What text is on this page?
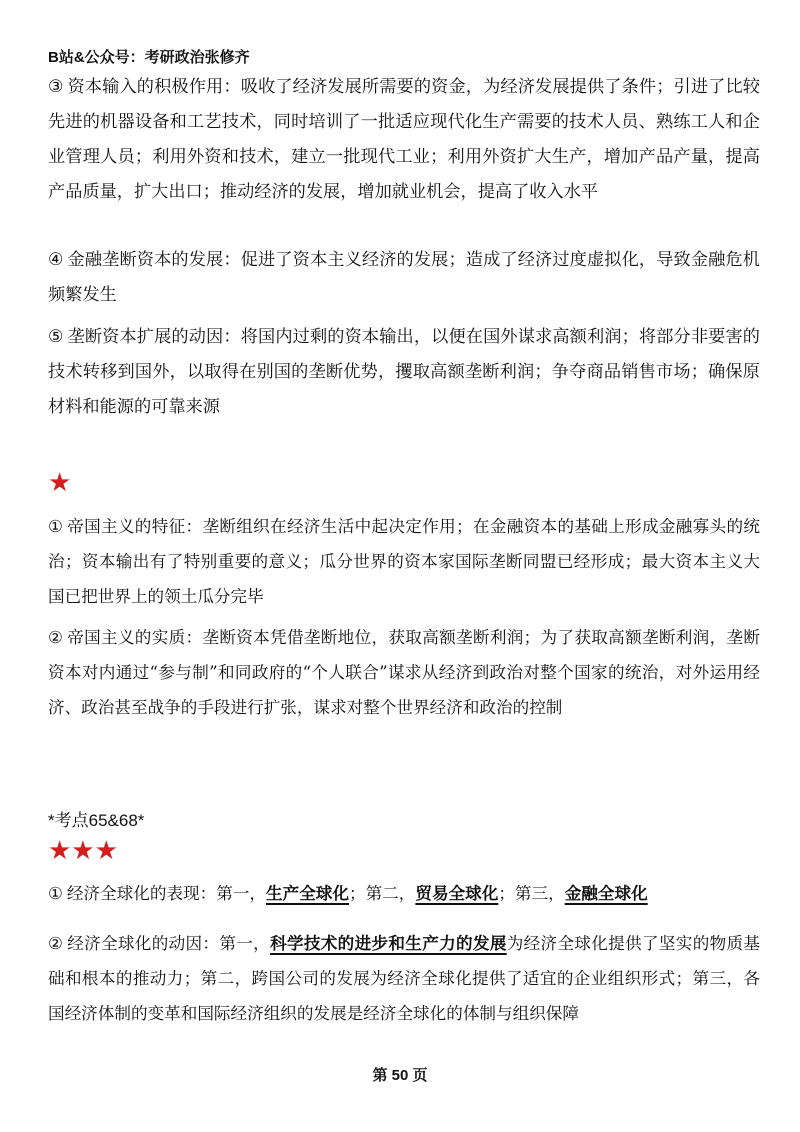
B站&公众号：考研政治张修齐

③ 资本输入的积极作用：吸收了经济发展所需要的资金，为经济发展提供了条件；引进了比较先进的机器设备和工艺技术，同时培训了一批适应现代化生产需要的技术人员、熟练工人和企业管理人员；利用外资和技术，建立一批现代工业；利用外资扩大生产，增加产品产量，提高产品质量，扩大出口；推动经济的发展，增加就业机会，提高了收入水平

④ 金融垄断资本的发展：促进了资本主义经济的发展；造成了经济过度虚拟化，导致金融危机频繁发生

⑤ 垄断资本扩展的动因：将国内过剩的资本输出，以便在国外谋求高额利润；将部分非要害的技术转移到国外，以取得在别国的垄断优势，攫取高额垄断利润；争夺商品销售市场；确保原材料和能源的可靠来源

★

① 帝国主义的特征：垄断组织在经济生活中起决定作用；在金融资本的基础上形成金融寡头的统治；资本输出有了特别重要的意义；瓜分世界的资本家国际垄断同盟已经形成；最大资本主义大国已把世界上的领土瓜分完毕

② 帝国主义的实质：垄断资本凭借垄断地位，获取高额垄断利润；为了获取高额垄断利润，垄断资本对内通过“参与制”和同政府的“个人联合”谋求从经济到政治对整个国家的统治，对外运用经济、政治甚至战争的手段进行扩张，谋求对整个世界经济和政治的控制

*考点65&68*
★★★

① 经济全球化的表现：第一，生产全球化；第二，贸易全球化；第三，金融全球化

② 经济全球化的动因：第一，科学技术的进步和生产力的发展为经济全球化提供了坚实的物质基础和根本的推动力；第二，跨国公司的发展为经济全球化提供了适宜的企业组织形式；第三，各国经济体制的变革和国际经济组织的发展是经济全球化的体制与组织保障

第 50 页
